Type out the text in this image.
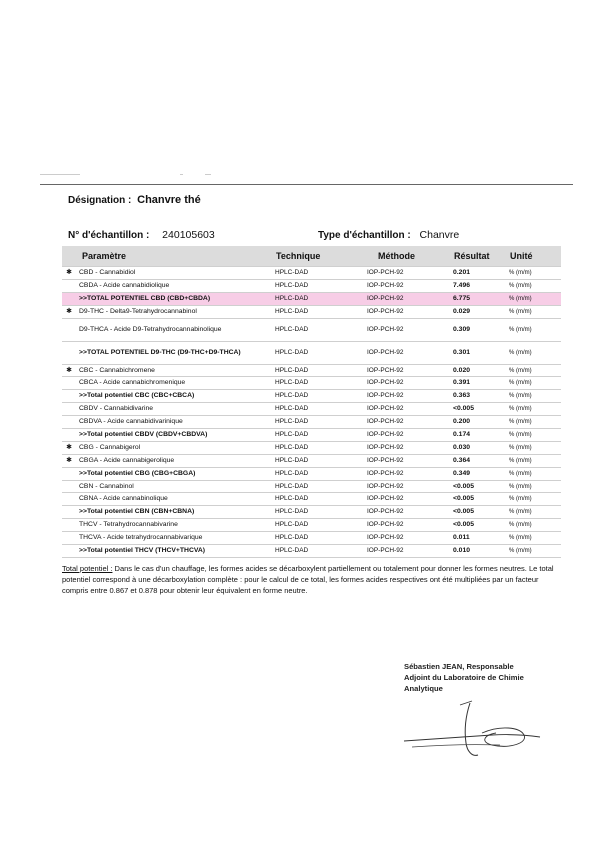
Désignation : Chanvre thé
N° d'échantillon : 240105603	Type d'échantillon : Chanvre
	Paramètre	Technique	Méthode	Résultat	Unité
✱	CBD - Cannabidiol	HPLC-DAD	IOP-PCH-92	0.201	% (m/m)
	CBDA - Acide cannabidiolique	HPLC-DAD	IOP-PCH-92	7.496	% (m/m)
	>>TOTAL POTENTIEL CBD (CBD+CBDA)	HPLC-DAD	IOP-PCH-92	6.775	% (m/m)
✱	D9-THC - Delta9-Tetrahydrocannabinol	HPLC-DAD	IOP-PCH-92	0.029	% (m/m)
	D9-THCA - Acide D9-Tetrahydrocannabinolique	HPLC-DAD	IOP-PCH-92	0.309	% (m/m)
	>>TOTAL POTENTIEL D9-THC (D9-THC+D9-THCA)	HPLC-DAD	IOP-PCH-92	0.301	% (m/m)
✱	CBC - Cannabichromene	HPLC-DAD	IOP-PCH-92	0.020	% (m/m)
	CBCA - Acide cannabichromenique	HPLC-DAD	IOP-PCH-92	0.391	% (m/m)
	>>Total potentiel CBC (CBC+CBCA)	HPLC-DAD	IOP-PCH-92	0.363	% (m/m)
	CBDV - Cannabidivarine	HPLC-DAD	IOP-PCH-92	<0.005	% (m/m)
	CBDVA - Acide cannabidivarinique	HPLC-DAD	IOP-PCH-92	0.200	% (m/m)
	>>Total potentiel CBDV (CBDV+CBDVA)	HPLC-DAD	IOP-PCH-92	0.174	% (m/m)
✱	CBG - Cannabigerol	HPLC-DAD	IOP-PCH-92	0.030	% (m/m)
✱	CBGA - Acide cannabigerolique	HPLC-DAD	IOP-PCH-92	0.364	% (m/m)
	>>Total potentiel CBG (CBG+CBGA)	HPLC-DAD	IOP-PCH-92	0.349	% (m/m)
	CBN - Cannabinol	HPLC-DAD	IOP-PCH-92	<0.005	% (m/m)
	CBNA - Acide cannabinolique	HPLC-DAD	IOP-PCH-92	<0.005	% (m/m)
	>>Total potentiel CBN (CBN+CBNA)	HPLC-DAD	IOP-PCH-92	<0.005	% (m/m)
	THCV - Tetrahydrocannabivarine	HPLC-DAD	IOP-PCH-92	<0.005	% (m/m)
	THCVA - Acide tetrahydrocannabivarique	HPLC-DAD	IOP-PCH-92	0.011	% (m/m)
	>>Total potentiel THCV (THCV+THCVA)	HPLC-DAD	IOP-PCH-92	0.010	% (m/m)
Total potentiel : Dans le cas d'un chauffage, les formes acides se décarboxylent partiellement ou totalement pour donner les formes neutres. Le total potentiel correspond à une décarboxylation complète : pour le calcul de ce total, les formes acides respectives ont été multipliées par un facteur compris entre 0.867 et 0.878 pour obtenir leur équivalent en forme neutre.
Sébastien JEAN, Responsable
Adjoint du Laboratoire de Chimie
Analytique
